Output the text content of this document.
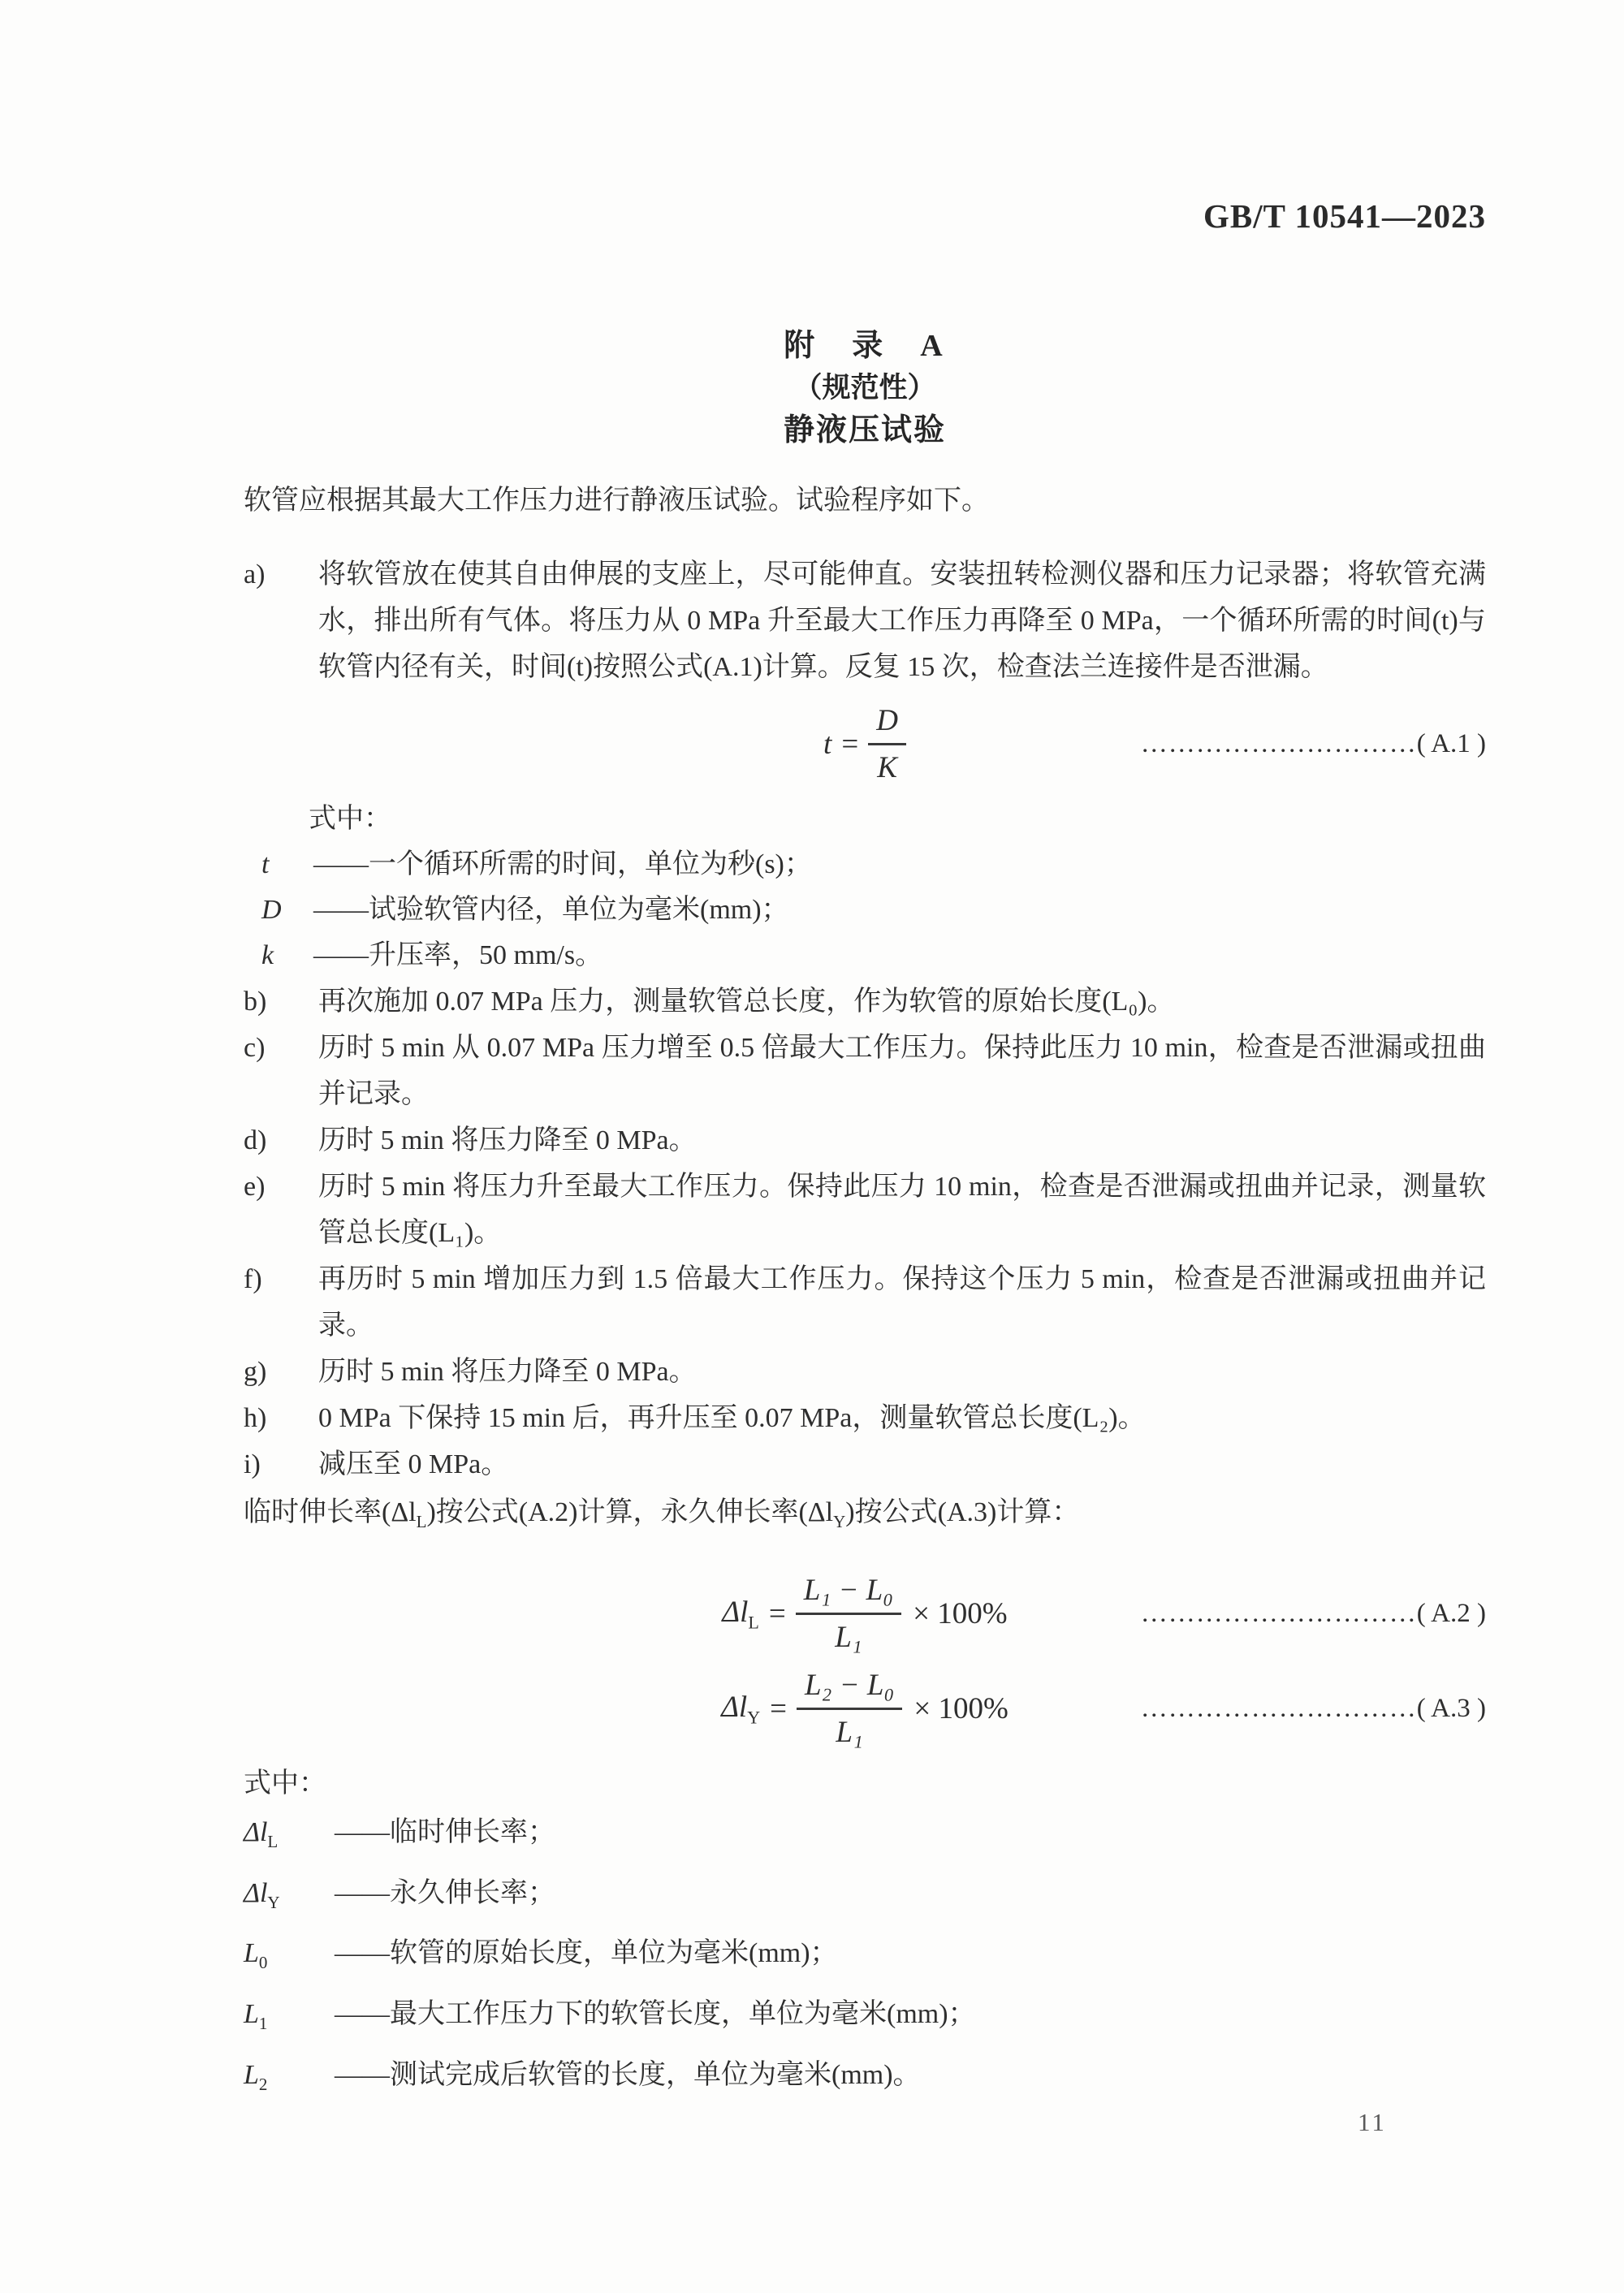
GB/T 10541—2023
附　录　A
（规范性）
静液压试验

软管应根据其最大工作压力进行静液压试验。试验程序如下。

a)	将软管放在使其自由伸展的支座上，尽可能伸直。安装扭转检测仪器和压力记录器；将软管充满水，排出所有气体。将压力从 0 MPa 升至最大工作压力再降至 0 MPa，一个循环所需的时间(t)与软管内径有关，时间(t)按照公式(A.1)计算。反复 15 次，检查法兰连接件是否泄漏。
$t = \frac{D}{K}$	…………………………( A.1 )
式中：
t	——一个循环所需的时间，单位为秒(s)；
D	——试验软管内径，单位为毫米(mm)；
k	——升压率，50 mm/s。
b)	再次施加 0.07 MPa 压力，测量软管总长度，作为软管的原始长度(L₀)。
c)	历时 5 min 从 0.07 MPa 压力增至 0.5 倍最大工作压力。保持此压力 10 min，检查是否泄漏或扭曲并记录。
d)	历时 5 min 将压力降至 0 MPa。
e)	历时 5 min 将压力升至最大工作压力。保持此压力 10 min，检查是否泄漏或扭曲并记录，测量软管总长度(L₁)。
f)	再历时 5 min 增加压力到 1.5 倍最大工作压力。保持这个压力 5 min，检查是否泄漏或扭曲并记录。
g)	历时 5 min 将压力降至 0 MPa。
h)	0 MPa 下保持 15 min 后，再升压至 0.07 MPa，测量软管总长度(L₂)。
i)	减压至 0 MPa。

临时伸长率$(\Delta l_L)$按公式(A.2)计算，永久伸长率$(\Delta l_Y)$按公式(A.3)计算：

$\Delta l_L = \frac{\text{L₁ − L₀}}{\text{L₁}} \times 100\%$	…………………………( A.2 )
$\Delta l_Y = \frac{\text{L₂ − L₀}}{\text{L₁}} \times 100\%$	…………………………( A.3 )
式中：
$\Delta l_L$	——临时伸长率；
$\Delta l_Y$	——永久伸长率；
$L_0$	——软管的原始长度，单位为毫米(mm)；
$L_1$	——最大工作压力下的软管长度，单位为毫米(mm)；
$L_2$	——测试完成后软管的长度，单位为毫米(mm)。
11
